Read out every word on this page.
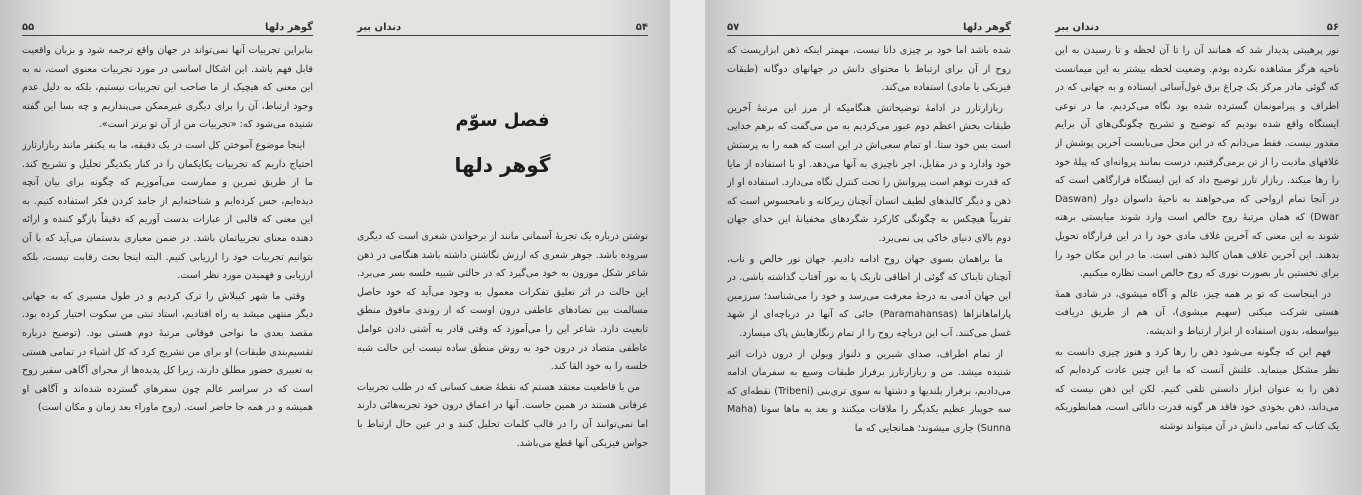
گوهر دلها
۵۵

بنابراین تجربیات آنها نمی‌تواند در جهان واقع ترجمه شود و بزبان واقعیت قابل فهم باشد. این اشکال اساسی در مورد تجربیات معنوی است، نه به این معنی که هیچیک از ما صاحب این تجربیات نیستیم، بلکه به دلیل عدم وجود ارتباط، آن را برای دیگری غیرممکن می‌پنداریم و چه بسا این گفته شنیده می‌شود که: «تجربیات من از آن تو برتر است».

اینجا موضوع آموختن کل است در یک دقیقه، ما به یکنفر مانند ربازارتارز احتیاج داریم که تجربیات یکایکمان را در کنار یکدیگر تحلیل و تشریح کند. ما از طریق تمرین و ممارست می‌آموزیم که چگونه برای بیان آنچه دیده‌ایم، حس کرده‌ایم و شناخته‌ایم از جامد کردن فکر استفاده کنیم. به این معنی که قالبی از عبارات بدست آوریم که دقیقاً بازگو کننده و ارائه دهنده معنای تجربیاتمان باشد. در ضمن معیاری بدستمان می‌آید که با آن بتوانیم تجربیات خود را ارزیابی کنیم. البته اینجا بحث رقابت نیست، بلکه ارزیابی و فهمیدن مورد نظر است.

وقتی ما شهر کیبلاش را ترک کردیم و در طول مسیری که به جهانی دیگر منتهی میشد به راه افتادیم، استاد تبتی من سکوت اختیار کرده بود. مقصد بعدی ما نواحی فوقانی مرتبهٔ دوم هستی بود. (توضیح درباره تقسیم‌بندی طبقات) او برای من تشریح کرد که کل اشیاء در تمامی هستی به تعبیری حضور مطلق دارند، زیرا کل پدیده‌ها از مجرای آگاهی سفیر روح است که در سراسر عالم چون سفرهای گسترده شده‌اند و آگاهی او همیشه و در همه جا حاضر است. (روح ماوراء بعد زمان و مکان است)

۵۴
دندان ببر
فصل سوّم
گوهر دلها

نوشتن درباره یک تجربهٔ آسمانی مانند از برخواندن شعری است که دیگری سروده باشد. جوهر شعری که ارزش نگاشتن داشته باشد هنگامی در ذهن شاعر شکل موزون به خود می‌گیرد که در حالتی شبیه خلسه بسر می‌برد. این حالت در اثر تعلیق تفکرات معمول به وجود می‌آید که خود حاصل مسالمت بین تضادهای عاطفی درون اوست که از روندی مافوق منطق تابعیت دارد. شاعر این را می‌آموزد که وقتی قادر به آشتی دادن عوامل عاطفی متضاد در درون خود به روش منطق ساده نیست این حالت شبه خلسه را به خود القا کند.

من با قاطعیت معتقد هستم که نقطهٔ ضعف کسانی که در طلب تجربیات عرفانی هستند در همین جاست. آنها در اعماق درون خود تجربه‌هائی دارند اما نمی‌توانند آن را در قالب کلمات تحلیل کنند و در عین حال ارتباط با حواس فیزیکی آنها قطع می‌باشد.

گوهر دلها
۵۷

شده باشد اما خود بر چیزی دانا نیست. مهمتر اینکه ذهن ابزاریست که روح از آن برای ارتباط با محتوای دانش در جهانهای دوگانه (طبقات فیزیکی یا مادی) استفاده می‌کند.

ربازارتارز در ادامهٔ توضیحاتش هنگامیکه از مرز این مرتبهٔ آخرین طبقات بخش اعظم دوم عبور می‌کردیم به من می‌گفت که برهم خدایی است بس خود ستا. او تمام سعی‌اش در این است که همه را به پرستش خود وادارد و در مقابل، اجر ناچیزی به آنها می‌دهد. او با استفاده از مایا که قدرت توهم است پیروانش را تحت کنترل نگاه می‌دارد. استفاده او از ذهن و دیگر کالبدهای لطیف انسان آنچنان زیرکانه و نامحسوس است که تقریباً هیچکس به چگونگی کارکرد شگردهای مخفیانهٔ این خدای جهان دوم بالای دنیای خاکی پی نمی‌برد.

ما براهمان بسوی جهان روح ادامه دادیم. جهان نور خالص و ناب، آنچنان تابناک که گوئی از اطاقی تاریک پا به نور آفتاب گذاشته باشی. در این جهان آدمی به درجهٔ معرفت می‌رسد و خود را می‌شناسد؛ سرزمین پاراماهانزاها (Paramahansas) جائی که آنها در دریاچه‌ای از شهد غسل می‌کنند. آب این دریاچه روح را از تمام زنگارهایش پاک میسازد.

از تمام اطراف، صدای شیرین و دلنواز ویولن از درون ذرات اثیر شنیده میشد. من و ربازارتارز برفراز طبقات وسیع به سفرمان ادامه می‌دادیم، برفراز بلندیها و دشتها به سوی تری‌بنی (Tribeni) نقطه‌ای که سه جویبار عظیم یکدیگر را ملاقات میکنند و بعد به ماها سونا (Maha Sunna) جاری میشوند؛ همانجایی که ما

۵۶
دندان ببر

نور پرهیبتی پدیدار شد که همانند آن را تا آن لحظه و تا رسیدن به این ناحیه هرگز مشاهده نکرده بودم. وضعیت لحظه بیشتر به این میمانست که گوئی مادر مرکز یک چراغ برق غول‌آسائی ایستاده و به جهانی که در اطراف و پیرامونمان گسترده شده بود نگاه می‌کردیم. ما در نوعی ایستگاه واقع شده بودیم که توضیح و تشریح چگونگی‌های آن برایم مقدور نیست. فقط می‌دانم که در این محل می‌بایست آخرین پوشش از غلافهای مادیت را از تن برمی‌گرفتیم، درست بمانند پروانه‌ای که پیلهٔ خود را رها میکند. ربازار تارز توضیح داد که این ایستگاه قرارگاهی است که در آنجا تمام ارواحی که می‌خواهند به ناحیهٔ داسوان دوار (Daswan Dwar) که همان مرتبهٔ روح خالص است وارد شوند میایستی برهنه شوند به این معنی که آخرین غلاف مادی خود را در این قرارگاه تحویل بدهند. این آخرین غلاف همان کالبد ذهنی است. ما در این مکان خود را برای نخستین بار بصورت نوری که روح خالص است نظاره میکنیم.

در اینجاست که تو بر همه چیز، عالم و آگاه میشوی، در شادی همهٔ هستی شرکت میکنی (سهیم میشوی)، آن هم از طریق دریافت بیواسطه، بدون استفاده از ابزار ارتباط و اندیشه.

فهم این که چگونه می‌شود ذهن را رها کرد و هنوز چیزی دانست به نظر مشکل مینماید. علتش آنست که ما این چنین عادت کرده‌ایم که ذهن را به عنوان ابزار دانستن تلقی کنیم. لکن این ذهن نیست که می‌داند، ذهن بخودی خود فاقد هر گونه قدرت دانائی است، همانطوریکه یک کتاب که تمامی دانش در آن میتواند نوشته
